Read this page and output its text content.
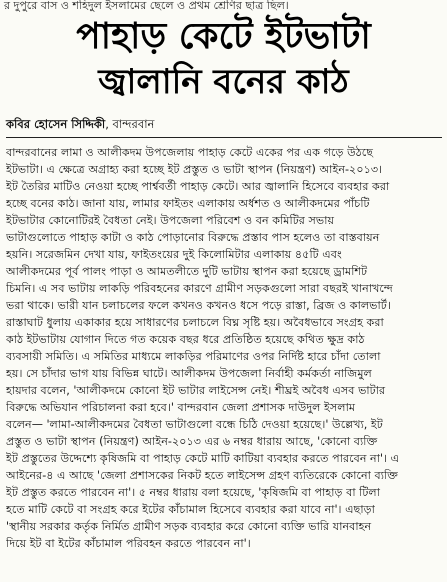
র দুপুরে বাস ও শহিদুল ইসলামের ছেলে ও প্রথম শ্রেণির ছাত্র ছিল।
পাহাড় কেটে ইটভাটা
জ্বালানি বনের কাঠ
কবির হোসেন সিদ্দিকী, বান্দরবান
বান্দরবানের লামা ও আলীকদম উপজেলায় পাহাড় কেটে একের পর এক গড়ে উঠছে
ইটভাটা। এ ক্ষেত্রে অগ্রাহ্য করা হচ্ছে ইট প্রস্তুত ও ভাটা স্থাপন (নিয়ন্ত্রণ) আইন-২০১৩।
ইট তৈরির মাটিও নেওয়া হচ্ছে পার্শ্ববর্তী পাহাড় কেটে। আর জ্বালানি হিসেবে ব্যবহার করা
হচ্ছে বনের কাঠ। জানা যায়, লামার ফাইতং এলাকায় অর্ধশত ও আলীকদমের পাঁচটি
ইটভাটার কোনোটিরই বৈধতা নেই। উপজেলা পরিবেশ ও বন কমিটির সভায়
ভাটাগুলোতে পাহাড় কাটা ও কাঠ পোড়ানোর বিরুদ্ধে প্রস্তাব পাস হলেও তা বাস্তবায়ন
হয়নি। সরেজমিন দেখা যায়, ফাইতংয়ের দুই কিলোমিটার এলাকায় ৪৫টি এবং
আলীকদমের পূর্ব পালং পাড়া ও আমতলীতে দুটি ভাটায় স্থাপন করা হয়েছে ড্রামশিট
চিমনি। এ সব ভাটায় লাকড়ি পরিবহনের কারণে গ্রামীণ সড়কগুলো সারা বছরই খানাখন্দে
ভরা থাকে। ভারী যান চলাচলের ফলে কখনও কখনও ধসে পড়ে রাস্তা, ব্রিজ ও কালভার্ট।
রাস্তাঘাট ধুলায় একাকার হয়ে সাধারণের চলাচলে বিঘ্ন সৃষ্টি হয়। অবৈধভাবে সংগ্রহ করা
কাঠ ইটভাটায় যোগান দিতে গত কয়েক বছর ধরে প্রতিষ্ঠিত হয়েছে কথিত ক্ষুদ্র কাঠ
ব্যবসায়ী সমিতি। এ সমিতির মাধ্যমে লাকড়ির পরিমাণের ওপর নির্দিষ্ট হারে চাঁদা তোলা
হয়। সে চাঁদার ভাগ যায় বিভিন্ন ঘাটে। আলীকদম উপজেলা নির্বাহী কর্মকর্তা নাজিমুল
হায়দার বলেন, 'আলীকদমে কোনো ইট ভাটার লাইসেন্স নেই। শীঘ্রই অবৈধ এসব ভাটার
বিরুদ্ধে অভিযান পরিচালনা করা হবে।' বান্দরবান জেলা প্রশাসক দাউদুল ইসলাম
বলেন— 'লামা-আলীকদমের বৈধতা ভাটাগুলো বন্ধে চিঠি দেওয়া হয়েছে।' উল্লেখ্য, ইট
প্রস্তুত ও ভাটা স্থাপন (নিয়ন্ত্রণ) আইন-২০১৩ এর ৬ নম্বর ধারায় আছে, 'কোনো ব্যক্তি
ইট প্রস্তুতের উদ্দেশ্যে কৃষিজমি বা পাহাড় কেটে মাটি কাটিয়া ব্যবহার করতে পারবেন না'। এ
আইনের-৪ এ আছে 'জেলা প্রশাসকের নিকট হতে লাইসেন্স গ্রহণ ব্যতিরেকে কোনো ব্যক্তি
ইট প্রস্তুত করতে পারবেন না'। ৫ নম্বর ধারায় বলা হয়েছে, 'কৃষিজমি বা পাহাড় বা টিলা
হতে মাটি কেটে বা সংগ্রহ করে ইটের কাঁচামাল হিসেবে ব্যবহার করা যাবে না'। এছাড়া
'স্থানীয় সরকার কর্তৃক নির্মিত গ্রামীণ সড়ক ব্যবহার করে কোনো ব্যক্তি ভারি যানবাহন
দিয়ে ইট বা ইটের কাঁচামাল পরিবহন করতে পারবেন না'।
